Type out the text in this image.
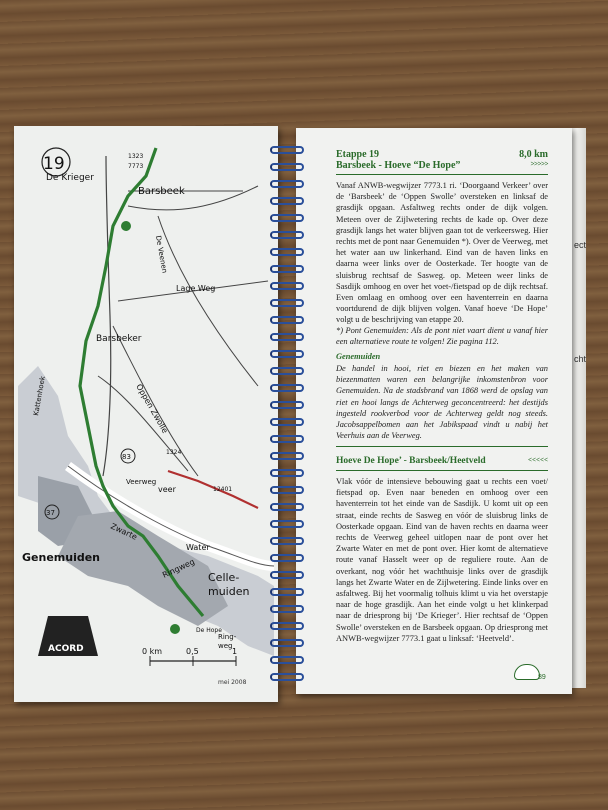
ect
cht
19
De Krieger
Barsbeek
1323
7773
De Veenen
Lage Weg
Barsbeker
Oppen Zwolle
Kattenhoek
1324
12401
83
37
Veerweg
veer
Zwarte
Water
Genemuiden	Ringweg Celle-
muiden
De Hope
Ring-
weg
ACORD	0 km	0,5	1
mei 2008
Etappe 19	8,0 km
Barsbeek - Hoeve “De Hope”	>>>>>
Vanaf ANWB-wegwijzer 7773.1 ri. ‘Doorgaand Verkeer’ over de ‘Barsbeek’ de ‘Oppen Swolle’ oversteken en linksaf de grasdijk opgaan. Asfaltweg rechts onder de dijk volgen. Meteen over de Zijlwetering rechts de kade op. Over deze grasdijk langs het water blijven gaan tot de verkeersweg. Hier rechts met de pont naar Genemuiden *). Over de Veerweg, met het water aan uw linkerhand. Eind van de haven links en daarna weer links over de Oosterkade. Ter hoogte van de sluisbrug rechtsaf de Sasweg. op. Meteen weer links de Sasdijk omhoog en over het voet-/fietspad op de dijk rechtsaf. Even omlaag en omhoog over een haventerrein en daarna voortdurend de dijk blijven volgen. Vanaf hoeve ‘De Hope’ volgt u de beschrijving van etappe 20.
*) Pont Genemuiden: Als de pont niet vaart dient u vanaf hier een alternatieve route te volgen! Zie pagina 112.
Genemuiden
De handel in hooi, riet en biezen en het maken van biezenmatten waren een belangrijke inkomstenbron voor Genemuiden. Na de stadsbrand van 1868 werd de opslag van riet en hooi langs de Achterweg geconcentreerd: het destijds ingesteld rookverbod voor de Achterweg geldt nog steeds. Jacobsappelbomen aan het Jabikspaad vindt u nabij het Veerhuis aan de Veerweg.
Hoeve De Hope’ - Barsbeek/Heetveld	<<<<<
Vlak vóór de intensieve bebouwing gaat u rechts een voet/ fietspad op. Even naar beneden en omhoog over een haventerrein tot het einde van de Sasdijk. U komt uit op een straat, einde rechts de Sasweg en vóór de sluisbrug links de Oosterkade opgaan. Eind van de haven rechts en daarna weer rechts de Veerweg geheel uitlopen naar de pont over het Zwarte Water en met de pont over. Hier komt de alternatieve route vanaf Hasselt weer op de reguliere route. Aan de overkant, nog vóór het wachthuisje links over de grasdijk langs het Zwarte Water en de Zijlwetering. Einde links over en asfaltweg. Bij het voormalig tolhuis klimt u via het overstapje naar de hoge grasdijk. Aan het einde volgt u het klinkerpad naar de driesprong bij ‘De Krieger’. Hier rechtsaf de ‘Oppen Swolle’ oversteken en de Barsbeek opgaan. Op driesprong met ANWB-wegwijzer 7773.1 gaat u linksaf: ‘Heetveld’.
89
